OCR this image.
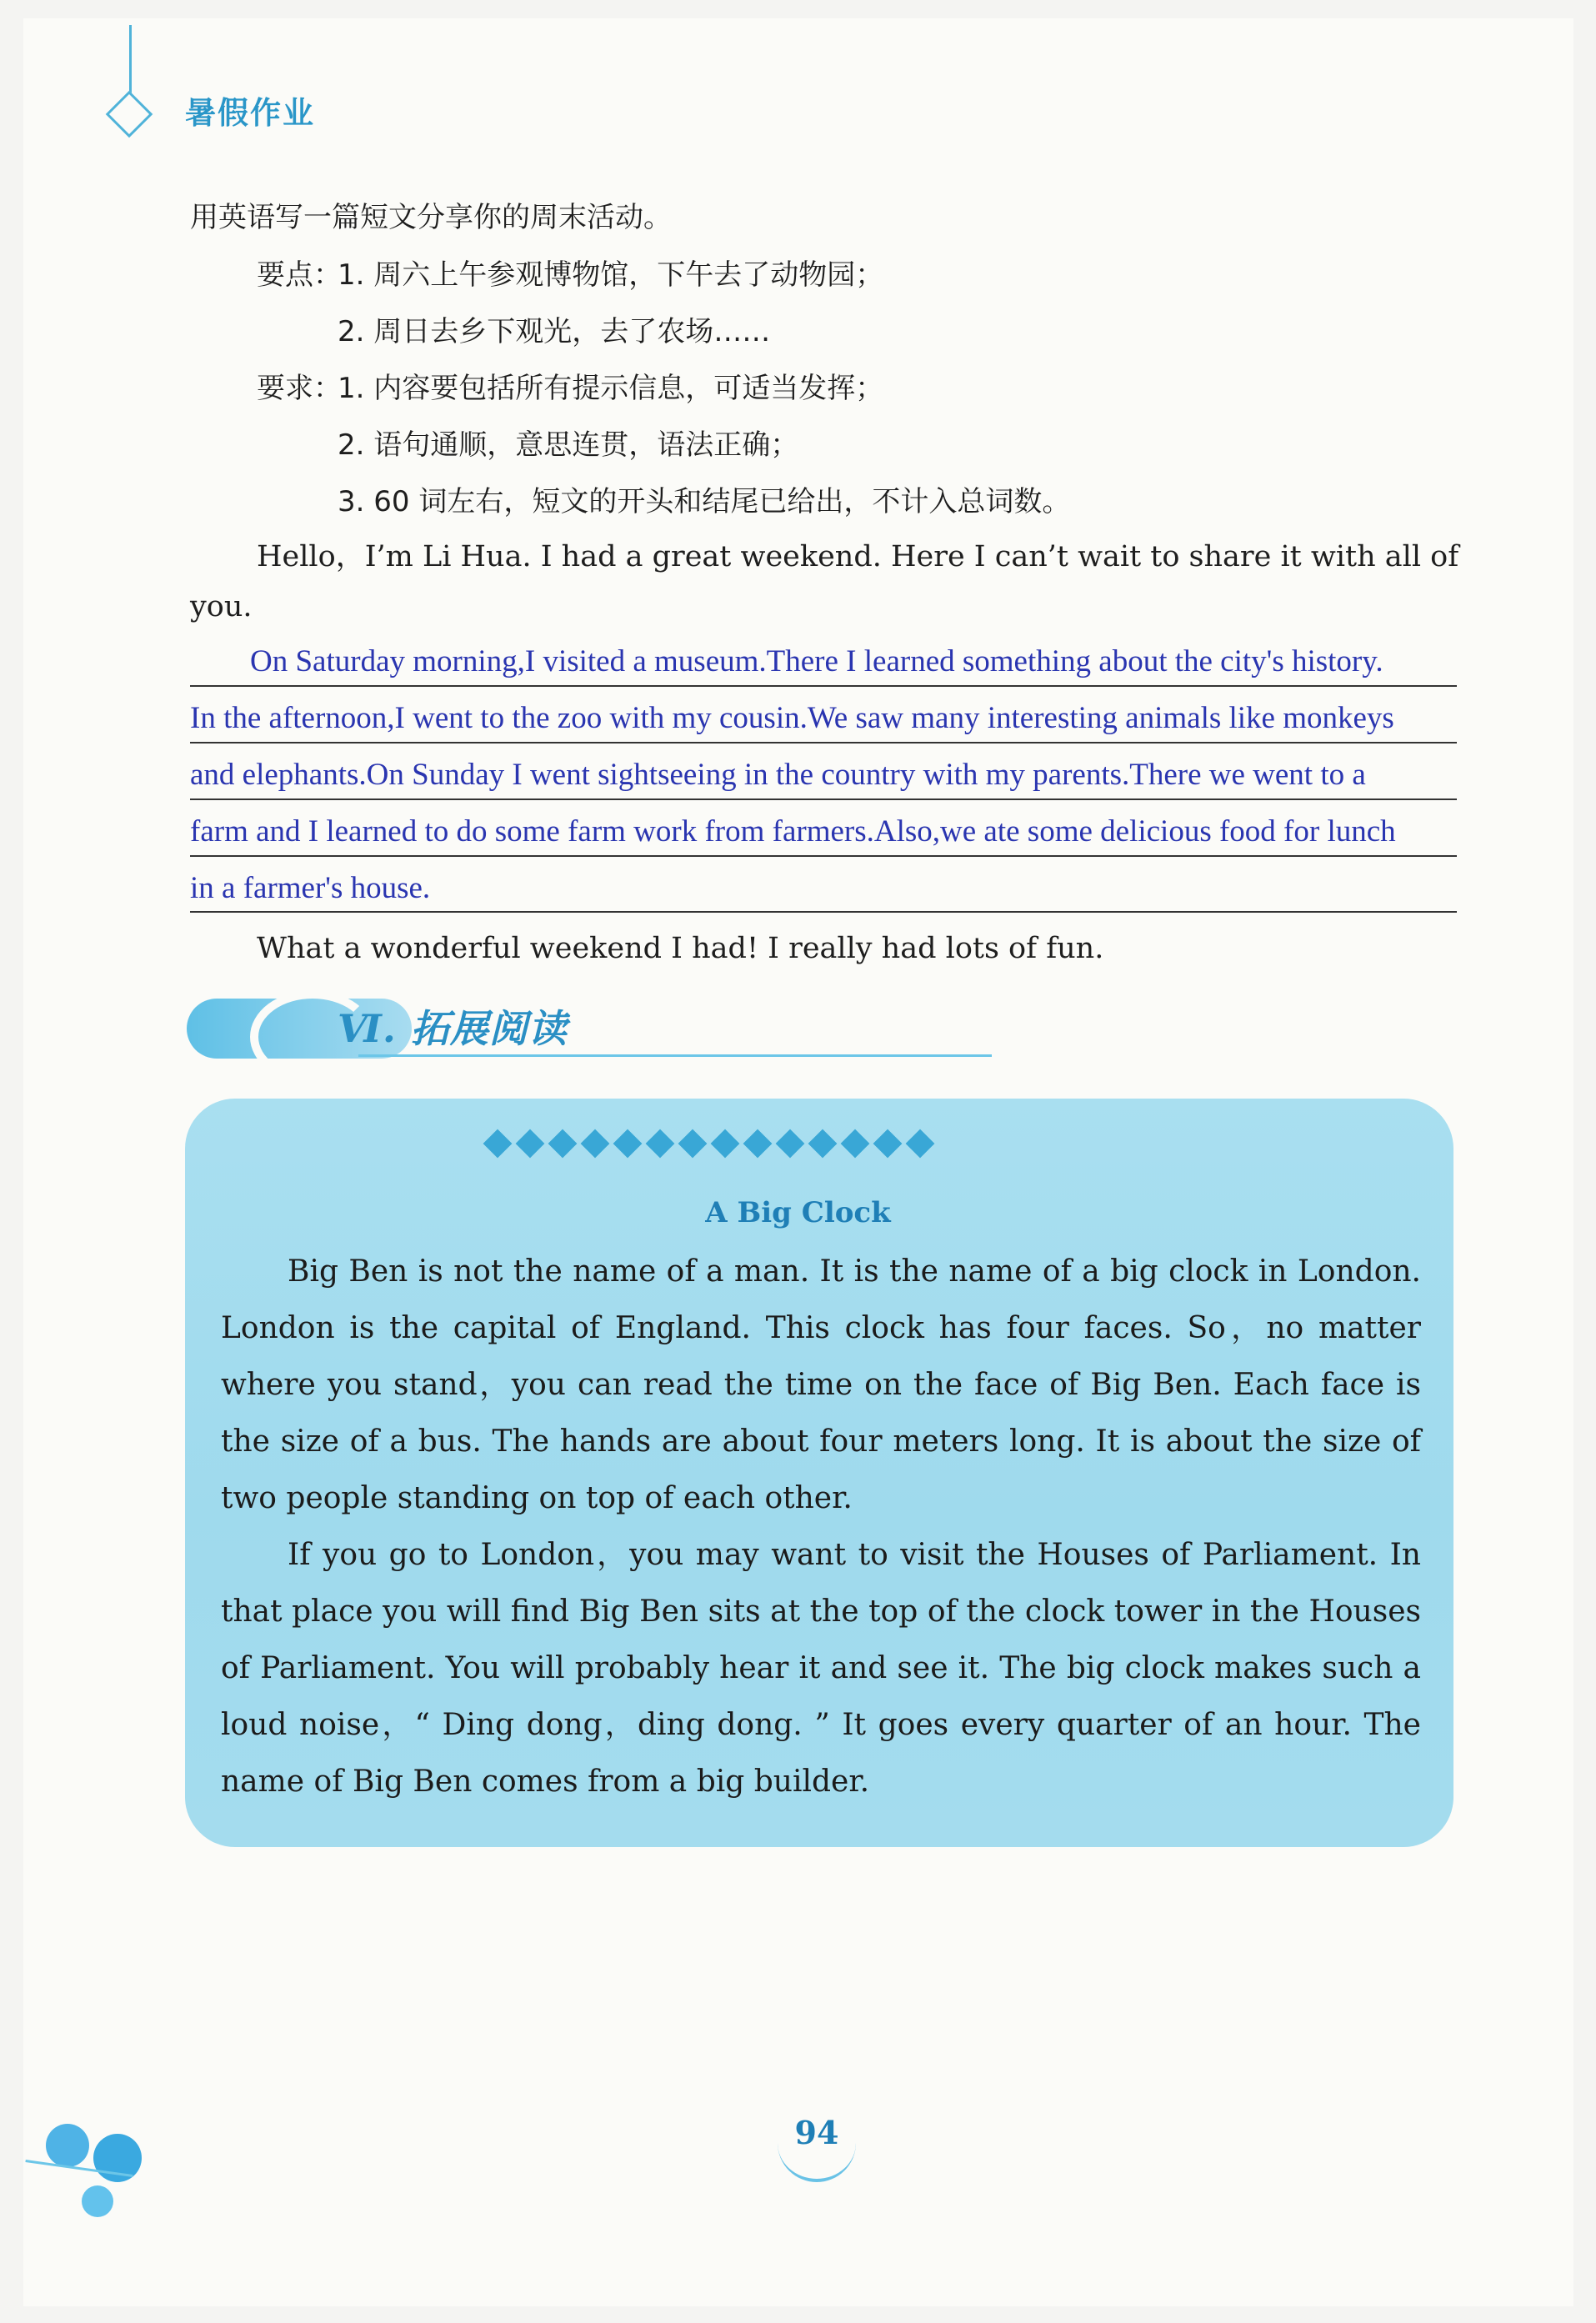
暑假作业
用英语写一篇短文分享你的周末活动。
要点：
1. 周六上午参观博物馆，下午去了动物园；
2. 周日去乡下观光，去了农场……
要求：
1. 内容要包括所有提示信息，可适当发挥；
2. 语句通顺，意思连贯，语法正确；
3. 60 词左右，短文的开头和结尾已给出，不计入总词数。
Hello，I’m Li Hua. I had a great weekend. Here I can’t wait to share it with all of
you.
On Saturday morning,I visited a museum.There I learned something about the city's history.
In the afternoon,I went to the zoo with my cousin.We saw many interesting animals like monkeys
and elephants.On Sunday I went sightseeing in the country with my parents.There we went to a
farm and I learned to do some farm work from farmers.Also,we ate some delicious food for lunch
in a farmer's house.
What a wonderful weekend I had! I really had lots of fun.
Ⅵ. 拓展阅读
A Big Clock

Big Ben is not the name of a man. It is the name of a big clock in London. London is the capital of England. This clock has four faces. So，no matter where you stand，you can read the time on the face of Big Ben. Each face is the size of a bus. The hands are about four meters long. It is about the size of two people standing on top of each other.

If you go to London，you may want to visit the Houses of Parliament. In that place you will find Big Ben sits at the top of the clock tower in the Houses of Parliament. You will probably hear it and see it. The big clock makes such a loud noise，“ Ding dong，ding dong. ” It goes every quarter of an hour. The name of Big Ben comes from a big builder.

94
